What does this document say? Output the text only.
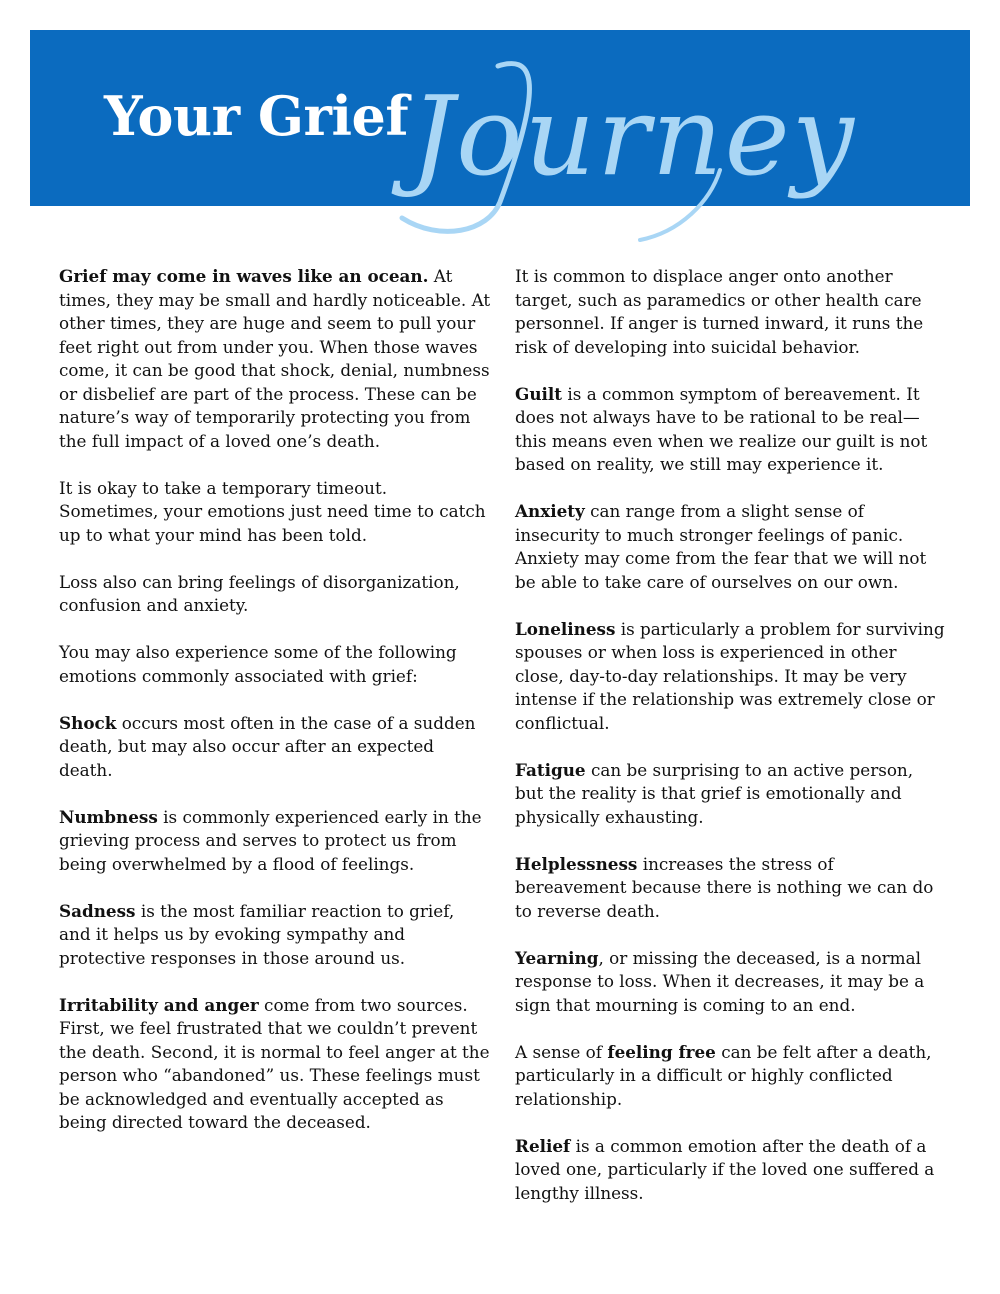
Your Grief Journey

Grief may come in waves like an ocean. At times, they may be small and hardly noticeable. At other times, they are huge and seem to pull your feet right out from under you. When those waves come, it can be good that shock, denial, numbness or disbelief are part of the process. These can be nature’s way of temporarily protecting you from the full impact of a loved one’s death.

It is okay to take a temporary timeout. Sometimes, your emotions just need time to catch up to what your mind has been told.

Loss also can bring feelings of disorganization, confusion and anxiety.

You may also experience some of the following emotions commonly associated with grief:

Shock occurs most often in the case of a sudden death, but may also occur after an expected death.

Numbness is commonly experienced early in the grieving process and serves to protect us from being overwhelmed by a flood of feelings.

Sadness is the most familiar reaction to grief, and it helps us by evoking sympathy and protective responses in those around us.

Irritability and anger come from two sources. First, we feel frustrated that we couldn’t prevent the death. Second, it is normal to feel anger at the person who “abandoned” us. These feelings must be acknowledged and eventually accepted as being directed toward the deceased.

It is common to displace anger onto another target, such as paramedics or other health care personnel. If anger is turned inward, it runs the risk of developing into suicidal behavior.

Guilt is a common symptom of bereavement. It does not always have to be rational to be real—this means even when we realize our guilt is not based on reality, we still may experience it.

Anxiety can range from a slight sense of insecurity to much stronger feelings of panic. Anxiety may come from the fear that we will not be able to take care of ourselves on our own.

Loneliness is particularly a problem for surviving spouses or when loss is experienced in other close, day-to-day relationships. It may be very intense if the relationship was extremely close or conflictual.

Fatigue can be surprising to an active person, but the reality is that grief is emotionally and physically exhausting.

Helplessness increases the stress of bereavement because there is nothing we can do to reverse death.

Yearning, or missing the deceased, is a normal response to loss. When it decreases, it may be a sign that mourning is coming to an end.

A sense of feeling free can be felt after a death, particularly in a difficult or highly conflicted relationship.

Relief is a common emotion after the death of a loved one, particularly if the loved one suffered a lengthy illness.
